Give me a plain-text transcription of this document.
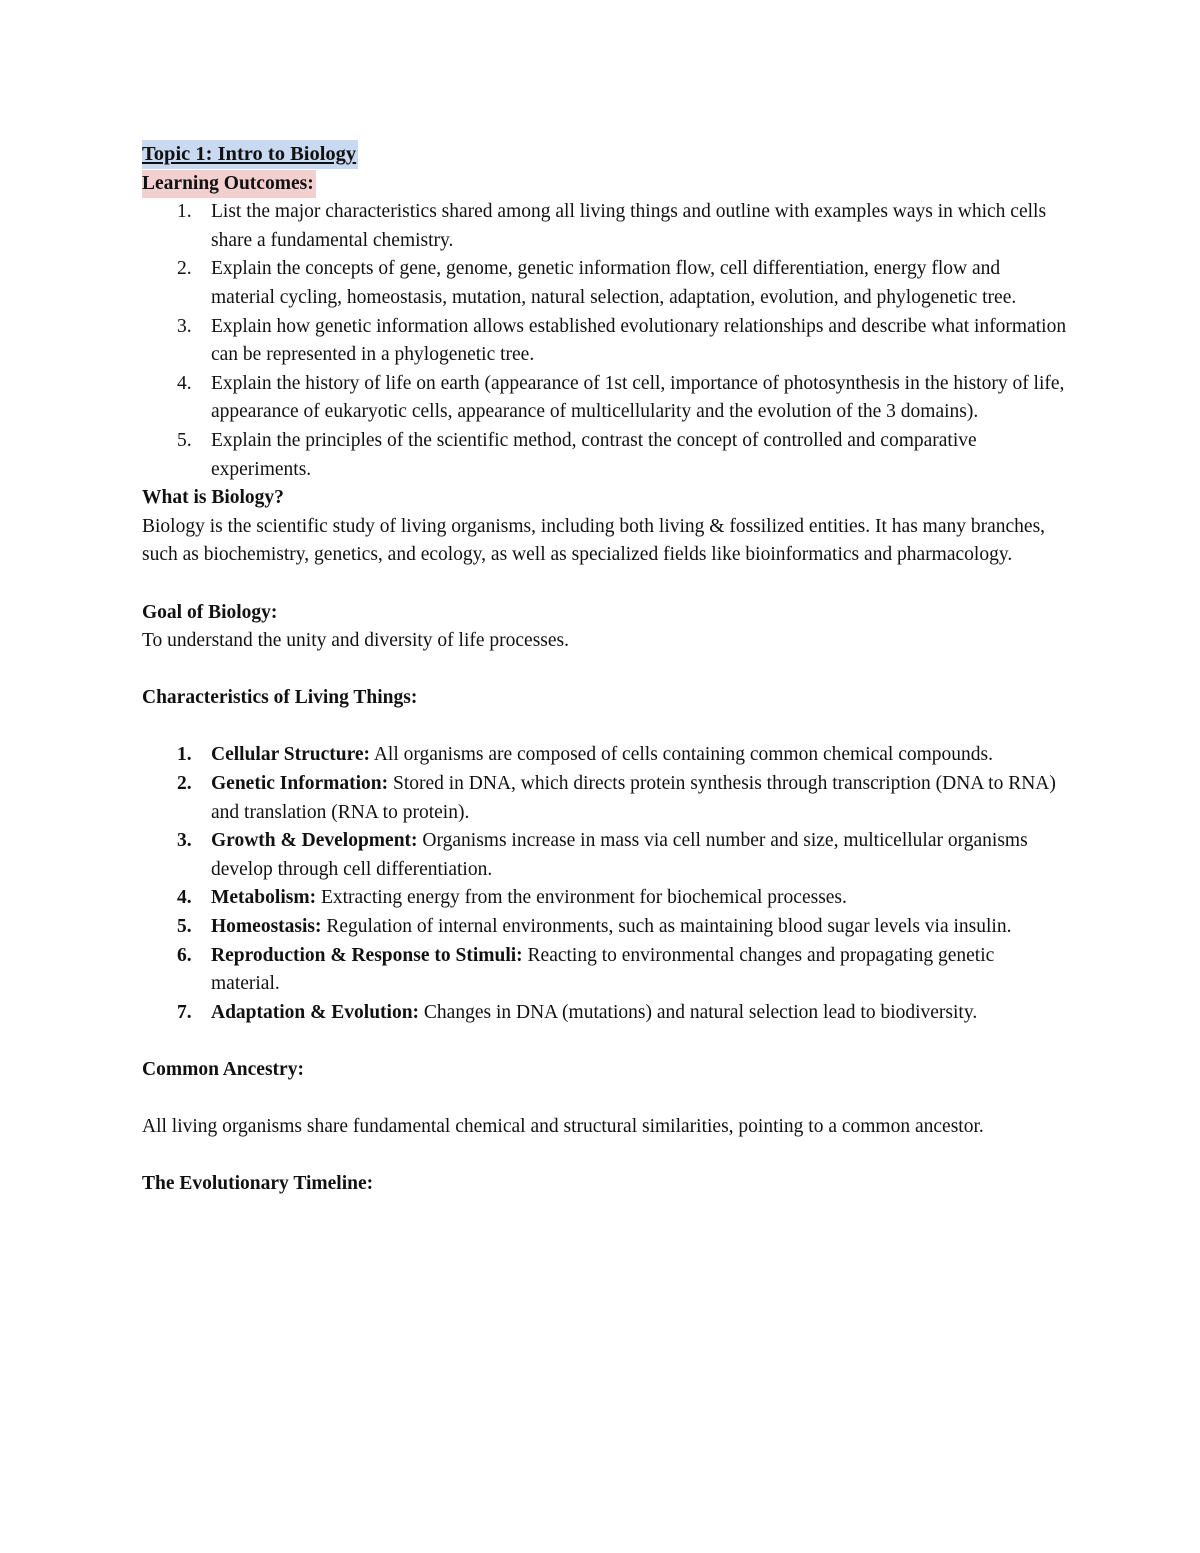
Topic 1: Intro to Biology
Learning Outcomes:
1. List the major characteristics shared among all living things and outline with examples ways in which cells share a fundamental chemistry.
2. Explain the concepts of gene, genome, genetic information flow, cell differentiation, energy flow and material cycling, homeostasis, mutation, natural selection, adaptation, evolution, and phylogenetic tree.
3. Explain how genetic information allows established evolutionary relationships and describe what information can be represented in a phylogenetic tree.
4. Explain the history of life on earth (appearance of 1st cell, importance of photosynthesis in the history of life, appearance of eukaryotic cells, appearance of multicellularity and the evolution of the 3 domains).
5. Explain the principles of the scientific method, contrast the concept of controlled and comparative experiments.

What is Biology?

Biology is the scientific study of living organisms, including both living & fossilized entities. It has many branches, such as biochemistry, genetics, and ecology, as well as specialized fields like bioinformatics and pharmacology.

Goal of Biology:

To understand the unity and diversity of life processes.

Characteristics of Living Things:

1. Cellular Structure: All organisms are composed of cells containing common chemical compounds.
2. Genetic Information: Stored in DNA, which directs protein synthesis through transcription (DNA to RNA) and translation (RNA to protein).
3. Growth & Development: Organisms increase in mass via cell number and size, multicellular organisms develop through cell differentiation.
4. Metabolism: Extracting energy from the environment for biochemical processes.
5. Homeostasis: Regulation of internal environments, such as maintaining blood sugar levels via insulin.
6. Reproduction & Response to Stimuli: Reacting to environmental changes and propagating genetic material.
7. Adaptation & Evolution: Changes in DNA (mutations) and natural selection lead to biodiversity.

Common Ancestry:

All living organisms share fundamental chemical and structural similarities, pointing to a common ancestor.

The Evolutionary Timeline:
